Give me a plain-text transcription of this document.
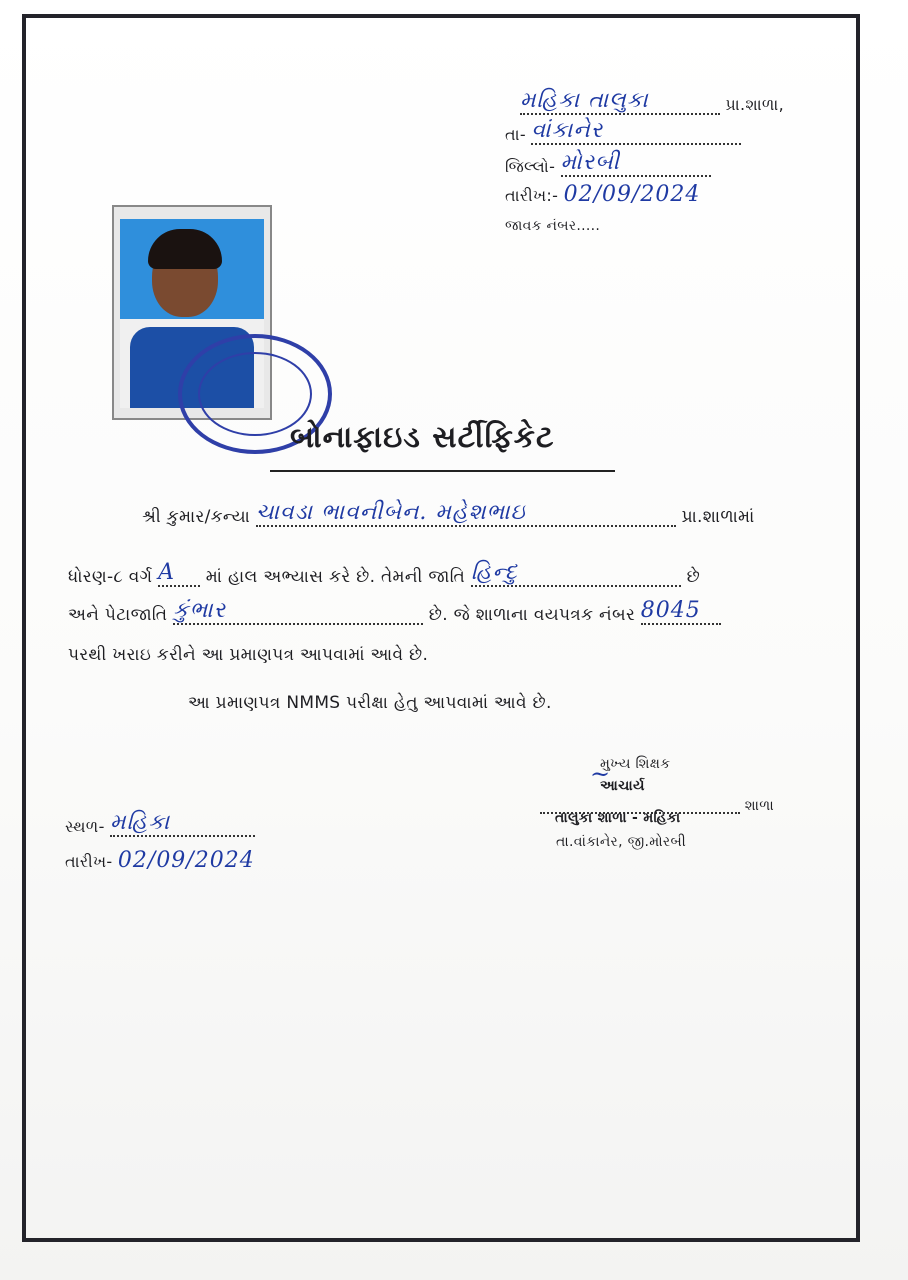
મહિકા તાલુકા	પ્રા.શાળા,
તા- વાંકાનેર
જિલ્લો- મોરબી
તારીખ:- 02/09/2024
જાવક નંબર.....
બોનાફાઇડ સર્ટીફિકેટ
શ્રી કુમાર/કન્યા ચાવડા ભાવનીબેન. મહેશભાઇ	પ્રા.શાળામાં
ધોરણ-૮ વર્ગ A માં હાલ અભ્યાસ કરે છે. તેમની જાતિ હિન્દુ	છે
અને પેટાજાતિ કુંભાર	છે. જે શાળાના વયપત્રક નંબર 8045
પરથી ખરાઇ કરીને આ પ્રમાણપત્ર આપવામાં આવે છે.
આ પ્રમાણપત્ર NMMS પરીક્ષા હેતુ આપવામાં આવે છે.
~
મુખ્ય શિક્ષક
આચાર્ય
શાળા
તાલુકા શાળા - મહિકા
તા.વાંકાનેર, જી.મોરબી
સ્થળ- મહિકા
તારીખ- 02/09/2024
